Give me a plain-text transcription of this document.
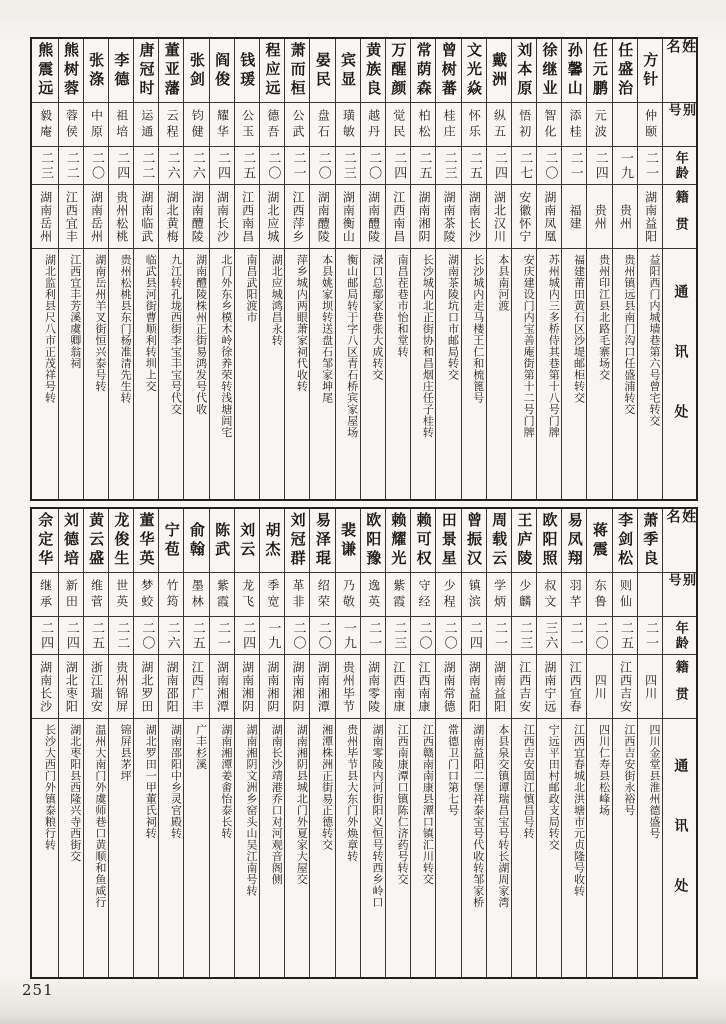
姓名
别号
年龄
籍贯
通讯处
方针
仲颐
二一
湖南益阳
益阳西门内城墙巷第六号曾宅转交
任盛治
一九
贵州
贵州镇远县南门沟口任盛浦转交
任元鹏
元波
二四
贵州
贵州印江县北路毛寨场交
孙馨山
添桂
二一
福建
福建莆田黄石区沙堤邮柜转交
徐继业
智化
二〇
湖南凤凰
苏州城内三多桥侍其巷第十八号门牌
刘本原
悟初
二七
安徽怀宁
安庆建设门内宝善庵街第十二号门牌
戴洲
纵五
二四
湖北汉川
本县南河渡
文光焱
怀乐
二五
湖南长沙
长沙城内走马楼王仁和梳篦号
曾树蕃
桂庄
二三
湖南茶陵
湖南茶陵坑口市邮局转交
常荫森
柏松
二五
湖南湘阴
长沙城内北正街协和昌烟庄任子桂转
万醒颜
觉民
二四
江西南昌
南昌茬巷市怡和堂转
黄族良
越丹
二〇
湖南醴陵
渌口总鄢家巷张大成转交
宾显
璜敏
二三
湖南衡山
衡山邮局转于字八区青石桥宾家屋场
晏民
盘石
二〇
湖南醴陵
本县姚家坝转送盘石邹家坤尾
萧而桓
公武
二一
江西萍乡
萍乡城内两眼萧家祠代收转
程应远
德吾
二〇
湖北应城
湖北应城鸿昌永转
钱瑗
公玉
二五
江西南昌
南昌武阳渡市
阎俊
耀华
二四
湖南长沙
北门外东乡模木岭徐养荣转浅塘闾宅
张剑
钧健
二六
湖南醴陵
湖南醴陵株州正街易鸿发号代收
董亚藩
云程
二六
湖北黄梅
九江转孔垅西街李宝丰宝号代交
唐冠时
运通
二二
湖南临武
临武县河街曹顺利转圳上交
李德
祖培
二四
贵州松桃
贵州松桃县东门杨准清先生转
张涤
中原
二〇
湖南岳州
湖南岳州羊叉街恒兴泰号转
熊树蓉
蓉侯
二二
江西宜丰
江西宜丰芳溪虞卿翁祠
熊震远
毅庵
二三
湖南岳州
湖北监利县尺八市正茂祥号转
姓名
别号
年龄
籍贯
通讯处
萧季良
二一
四川
四川金堂县淮州德盛号
李剑松
则仙
二五
江西吉安
江西吉安街永裕号
蒋震
东鲁
二〇
四川
四川仁寿县松峰场
易凤翔
羽芊
二一
江西宜春
江西宜春城北洪塘市元贞隆号收转
欧阳照
叔文
三六
湖南宁远
宁远平田村邮政支局转交
王庐陵
少麟
二三
江西吉安
江西吉安固江慎昌号转
周载云
学炳
二一
湖南益阳
本县泉交镇谭瑞昌宝号转长湖周家湾
曾振汉
镇滨
二四
湖南益阳
湖南益阳二堡祥泰宝号代收转邹家桥
田景星
少程
二〇
湖南常德
常德卫门口第七号
赖可权
守经
二〇
江西南康
江西赣南南康县潭口镇汇川转交
赖耀光
紫霞
二三
江西南康
江西南康潭口镇陈仁济药号转交
欧阳豫
逸英
二一
湖南零陵
湖南零陵内河街阳义恒号转西乡岭口
裴谦
乃敬
一九
贵州毕节
贵州毕节县大东门外焕章转
易泽琨
绍荣
二〇
湖南湘潭
湘潭株洲正街易正德转交
刘冠群
革非
二〇
湖南湘阴
湖南湘阴县城北门外夏家大屋交
胡杰
季宽
一九
湖南湘阴
湖南长沙靖港乔口对河观音阁侧
刘云
龙飞
二四
湖南湘阴
湖南湘阴文洲乡窑头山吴江南号转
陈武
紫霞
二一
湖南湘潭
湖南湘潭姜畬怡泰长转
俞翰
墨林
二五
江西广丰
广丰杉溪
宁苞
竹筠
二六
湖南邵阳
湖南邵阳中乡灵官殿转
董华英
梦蛟
二〇
湖北罗田
湖北罗田一甲董氏祠转
龙俊生
世英
二二
贵州锦屏
锦屏县茅坪
黄云盛
维菅
二五
浙江瑞安
温州大南门外虞师巷口黄顺和鱼咸行
刘德培
新田
二四
湖北枣阳
湖北枣阳县西隆兴寺西街交
佘定华
继承
二四
湖南长沙
长沙大西门外镇泰粮行转
251
